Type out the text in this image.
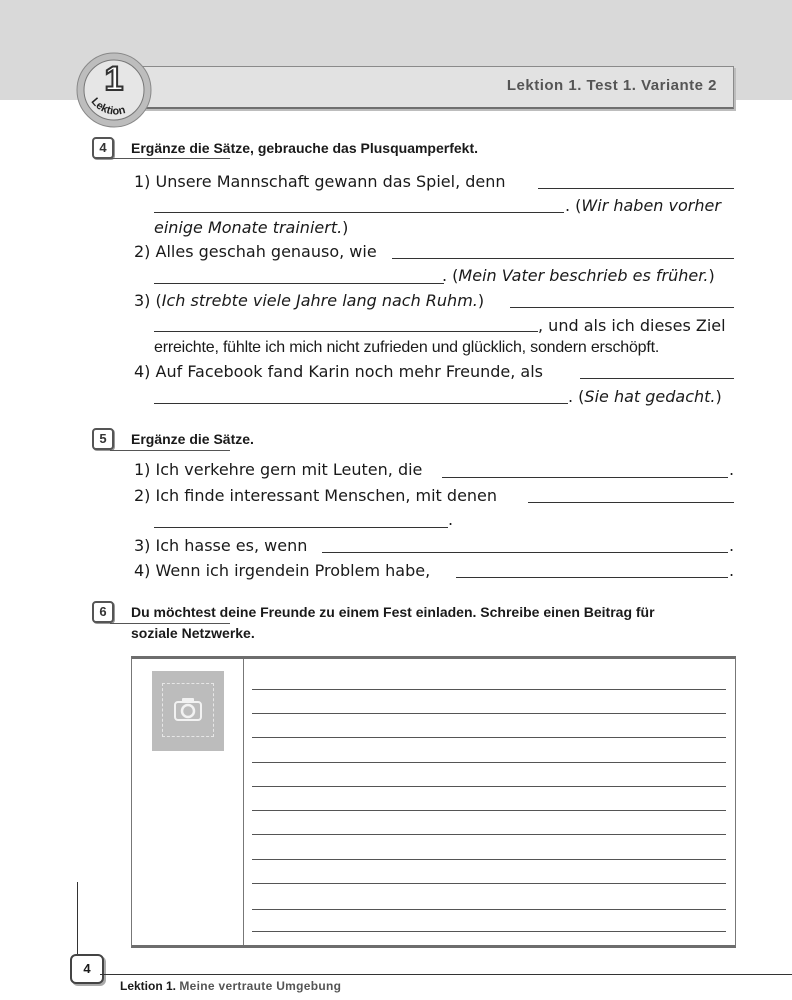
Lektion 1. Test 1. Variante 2
1
Lektion
4	Ergänze die Sätze, gebrauche das Plusquamperfekt.
1) Unsere Mannschaft gewann das Spiel, denn
. (Wir haben vorher
einige Monate trainiert.)
2) Alles geschah genauso, wie
. (Mein Vater beschrieb es früher.)
3) (Ich strebte viele Jahre lang nach Ruhm.)
, und als ich dieses Ziel
erreichte, fühlte ich mich nicht zufrieden und glücklich, sondern erschöpft.
4) Auf Facebook fand Karin noch mehr Freunde, als
. (Sie hat gedacht.)
5	Ergänze die Sätze.
1) Ich verkehre gern mit Leuten, die	.
2) Ich finde interessant Menschen, mit denen
.
3) Ich hasse es, wenn	.
4) Wenn ich irgendein Problem habe,	.
6	Du möchtest deine Freunde zu einem Fest einladen. Schreibe einen Beitrag für
soziale Netzwerke.
4
Lektion 1. Meine vertraute Umgebung
